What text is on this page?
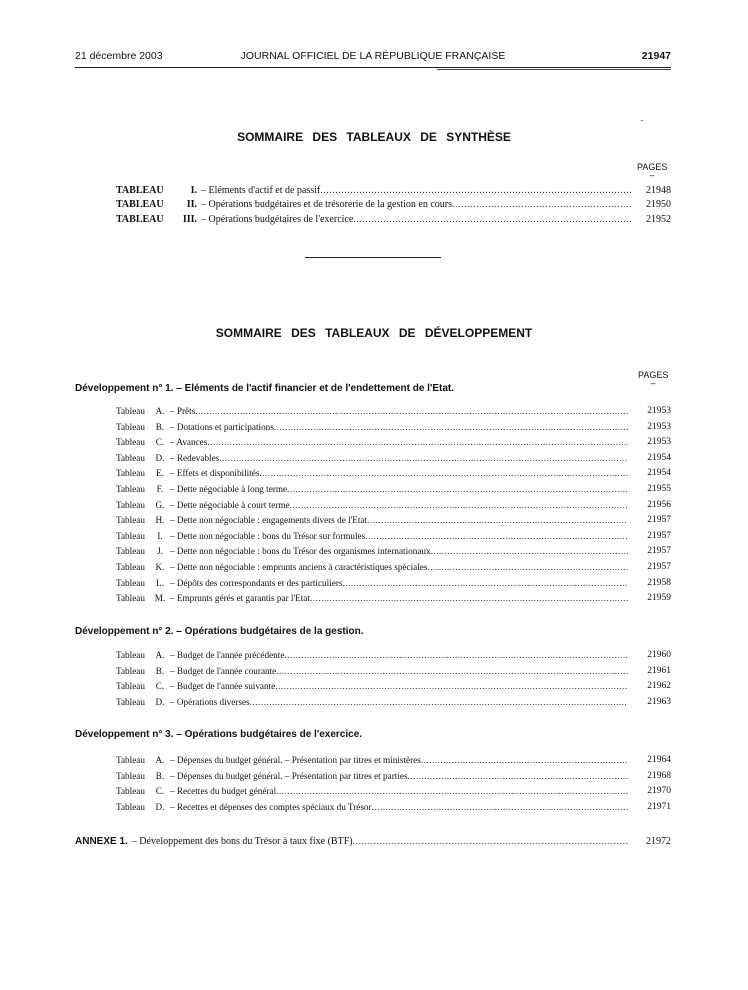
21 décembre 2003	JOURNAL OFFICIEL DE LA RÉPUBLIQUE FRANÇAISE	21947
SOMMAIRE DES TABLEAUX DE SYNTHÈSE
PAGES
–
TABLEAU	I. – Eléments d'actif et de passif .....	21948
TABLEAU	II. – Opérations budgétaires et de trésorerie de la gestion en cours .....	21950
TABLEAU	III. – Opérations budgétaires de l'exercice .....	21952
SOMMAIRE DES TABLEAUX DE DÉVELOPPEMENT
PAGES
–
Développement n° 1. – Eléments de l'actif financier et de l'endettement de l'Etat.
Tableau	A. – Prêts .....	21953
Tableau	B. – Dotations et participations .....	21953
Tableau	C. – Avances .....	21953
Tableau	D. – Redevables .....	21954
Tableau	E. – Effets et disponibilités .....	21954
Tableau	F. – Dette négociable à long terme .....	21955
Tableau	G. – Dette négociable à court terme .....	21956
Tableau	H. – Dette non négociable : engagements divers de l'Etat .....	21957
Tableau	I. – Dette non négociable : bons du Trésor sur formules .....	21957
Tableau	J. – Dette non négociable : bons du Trésor des organismes internationaux .....	21957
Tableau	K. – Dette non négociable : emprunts anciens à caractéristiques spéciales .....	21957
Tableau	L. – Dépôts des correspondants et des particuliers .....	21958
Tableau	M. – Emprunts gérés et garantis par l'Etat .....	21959
Développement n° 2. – Opérations budgétaires de la gestion.
Tableau	A. – Budget de l'année précédente .....	21960
Tableau	B. – Budget de l'année courante .....	21961
Tableau	C. – Budget de l'année suivante .....	21962
Tableau	D. – Opérations diverses .....	21963
Développement n° 3. – Opérations budgétaires de l'exercice.
Tableau	A. – Dépenses du budget général. – Présentation par titres et ministères .....	21964
Tableau	B. – Dépenses du budget général. – Présentation par titres et parties .....	21968
Tableau	C. – Recettes du budget général .....	21970
Tableau	D. – Recettes et dépenses des comptes spéciaux du Trésor .....	21971
ANNEXE 1. – Développement des bons du Trésor à taux fixe (BTF) .....	21972
